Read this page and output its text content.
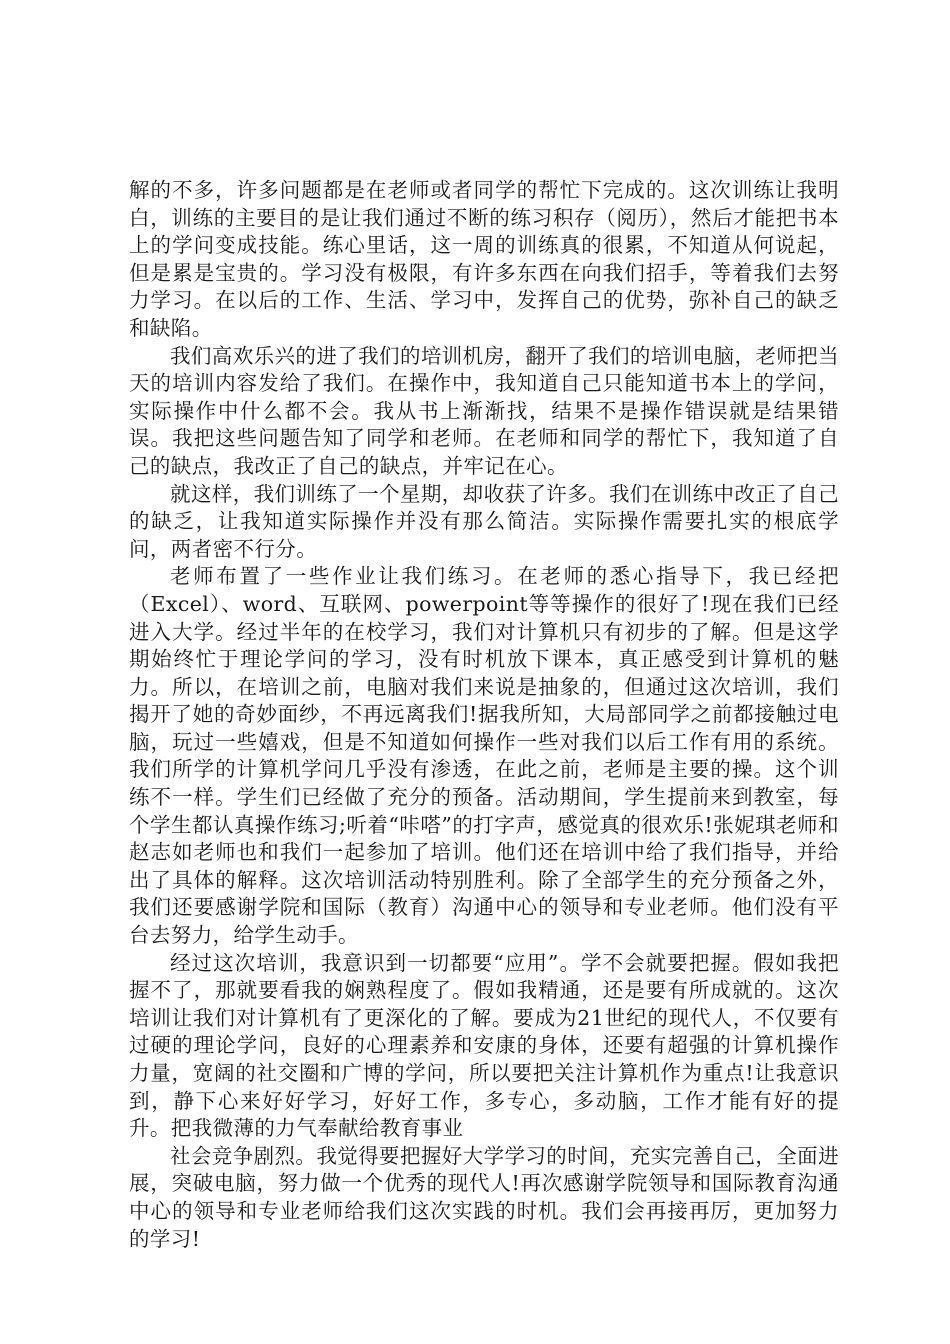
解的不多，许多问题都是在老师或者同学的帮忙下完成的。这次训练让我明白，训练的主要目的是让我们通过不断的练习积存（阅历），然后才能把书本上的学问变成技能。练心里话，这一周的训练真的很累，不知道从何说起，但是累是宝贵的。学习没有极限，有许多东西在向我们招手，等着我们去努力学习。在以后的工作、生活、学习中，发挥自己的优势，弥补自己的缺乏和缺陷。

我们高欢乐兴的进了我们的培训机房，翻开了我们的培训电脑，老师把当天的培训内容发给了我们。在操作中，我知道自己只能知道书本上的学问，实际操作中什么都不会。我从书上渐渐找，结果不是操作错误就是结果错误。我把这些问题告知了同学和老师。在老师和同学的帮忙下，我知道了自己的缺点，我改正了自己的缺点，并牢记在心。

就这样，我们训练了一个星期，却收获了许多。我们在训练中改正了自己的缺乏，让我知道实际操作并没有那么简洁。实际操作需要扎实的根底学问，两者密不行分。

老师布置了一些作业让我们练习。在老师的悉心指导下，我已经把（Excel）、word、互联网、powerpoint等等操作的很好了!现在我们已经进入大学。经过半年的在校学习，我们对计算机只有初步的了解。但是这学期始终忙于理论学问的学习，没有时机放下课本，真正感受到计算机的魅力。所以，在培训之前，电脑对我们来说是抽象的，但通过这次培训，我们揭开了她的奇妙面纱，不再远离我们!据我所知，大局部同学之前都接触过电脑，玩过一些嬉戏，但是不知道如何操作一些对我们以后工作有用的系统。我们所学的计算机学问几乎没有渗透，在此之前，老师是主要的操。这个训练不一样。学生们已经做了充分的预备。活动期间，学生提前来到教室，每个学生都认真操作练习;听着“咔嗒”的打字声，感觉真的很欢乐!张妮琪老师和赵志如老师也和我们一起参加了培训。他们还在培训中给了我们指导，并给出了具体的解释。这次培训活动特别胜利。除了全部学生的充分预备之外，我们还要感谢学院和国际（教育）沟通中心的领导和专业老师。他们没有平台去努力，给学生动手。

经过这次培训，我意识到一切都要“应用”。学不会就要把握。假如我把握不了，那就要看我的娴熟程度了。假如我精通，还是要有所成就的。这次培训让我们对计算机有了更深化的了解。要成为21世纪的现代人，不仅要有过硬的理论学问，良好的心理素养和安康的身体，还要有超强的计算机操作力量，宽阔的社交圈和广博的学问，所以要把关注计算机作为重点!让我意识到，静下心来好好学习，好好工作，多专心，多动脑，工作才能有好的提升。把我微薄的力气奉献给教育事业

社会竞争剧烈。我觉得要把握好大学学习的时间，充实完善自己，全面进展，突破电脑，努力做一个优秀的现代人!再次感谢学院领导和国际教育沟通中心的领导和专业老师给我们这次实践的时机。我们会再接再厉，更加努力的学习!
